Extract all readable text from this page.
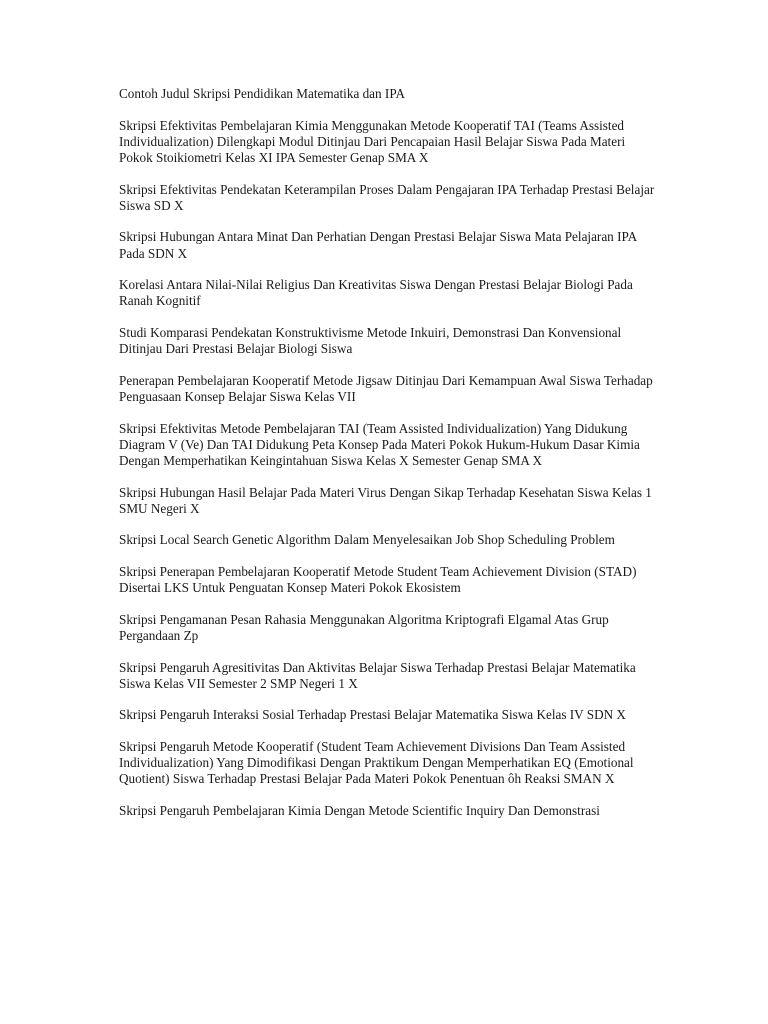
Contoh Judul Skripsi Pendidikan Matematika dan IPA

Skripsi Efektivitas Pembelajaran Kimia Menggunakan Metode Kooperatif TAI (Teams Assisted Individualization) Dilengkapi Modul Ditinjau Dari Pencapaian Hasil Belajar Siswa Pada Materi Pokok Stoikiometri Kelas XI IPA Semester Genap SMA X
Skripsi Efektivitas Pendekatan Keterampilan Proses Dalam Pengajaran IPA Terhadap Prestasi Belajar Siswa SD X
Skripsi Hubungan Antara Minat Dan Perhatian Dengan Prestasi Belajar Siswa Mata Pelajaran IPA Pada SDN X
Korelasi Antara Nilai-Nilai Religius Dan Kreativitas Siswa Dengan Prestasi Belajar Biologi Pada Ranah Kognitif
Studi Komparasi Pendekatan Konstruktivisme Metode Inkuiri, Demonstrasi Dan Konvensional Ditinjau Dari Prestasi Belajar Biologi Siswa
Penerapan Pembelajaran Kooperatif Metode Jigsaw Ditinjau Dari Kemampuan Awal Siswa Terhadap Penguasaan Konsep Belajar Siswa Kelas VII
Skripsi Efektivitas Metode Pembelajaran TAI (Team Assisted Individualization) Yang Didukung Diagram V (Ve) Dan TAI Didukung Peta Konsep Pada Materi Pokok Hukum-Hukum Dasar Kimia Dengan Memperhatikan Keingintahuan Siswa Kelas X Semester Genap SMA X
Skripsi Hubungan Hasil Belajar Pada Materi Virus Dengan Sikap Terhadap Kesehatan Siswa Kelas 1 SMU Negeri X
Skripsi Local Search Genetic Algorithm Dalam Menyelesaikan Job Shop Scheduling Problem
Skripsi Penerapan Pembelajaran Kooperatif Metode Student Team Achievement Division (STAD) Disertai LKS Untuk Penguatan Konsep Materi Pokok Ekosistem
Skripsi Pengamanan Pesan Rahasia Menggunakan Algoritma Kriptografi Elgamal Atas Grup Pergandaan Zp
Skripsi Pengaruh Agresitivitas Dan Aktivitas Belajar Siswa Terhadap Prestasi Belajar Matematika Siswa Kelas VII Semester 2 SMP Negeri 1 X
Skripsi Pengaruh Interaksi Sosial Terhadap Prestasi Belajar Matematika Siswa Kelas IV SDN X
Skripsi Pengaruh Metode Kooperatif (Student Team Achievement Divisions Dan Team Assisted Individualization) Yang Dimodifikasi Dengan Praktikum Dengan Memperhatikan EQ (Emotional Quotient) Siswa Terhadap Prestasi Belajar Pada Materi Pokok Penentuan ôh Reaksi SMAN X
Skripsi Pengaruh Pembelajaran Kimia Dengan Metode Scientific Inquiry Dan Demonstrasi
